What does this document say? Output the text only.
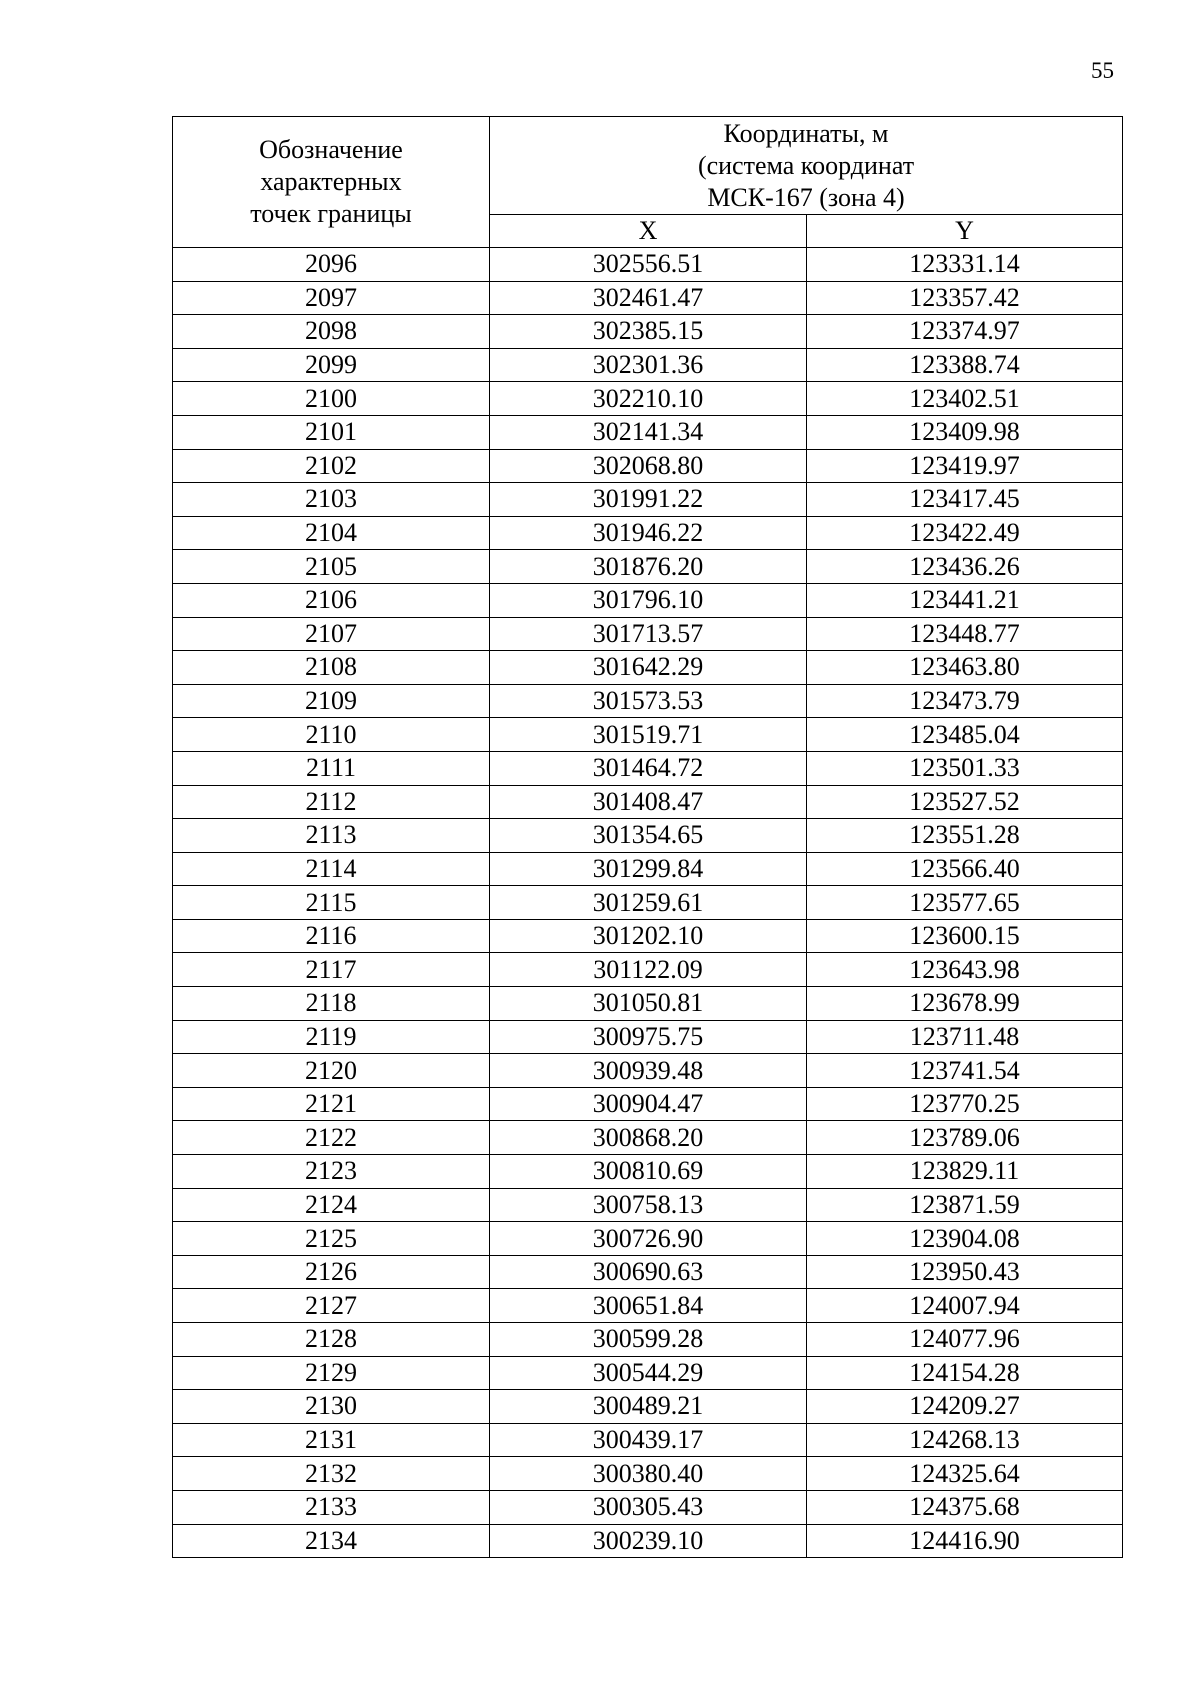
55
Обозначение
характерных
точек границы	Координаты, м
(система координат
МСК-167 (зона 4)	
	X	Y
2096	302556.51	123331.14
2097	302461.47	123357.42
2098	302385.15	123374.97
2099	302301.36	123388.74
2100	302210.10	123402.51
2101	302141.34	123409.98
2102	302068.80	123419.97
2103	301991.22	123417.45
2104	301946.22	123422.49
2105	301876.20	123436.26
2106	301796.10	123441.21
2107	301713.57	123448.77
2108	301642.29	123463.80
2109	301573.53	123473.79
2110	301519.71	123485.04
2111	301464.72	123501.33
2112	301408.47	123527.52
2113	301354.65	123551.28
2114	301299.84	123566.40
2115	301259.61	123577.65
2116	301202.10	123600.15
2117	301122.09	123643.98
2118	301050.81	123678.99
2119	300975.75	123711.48
2120	300939.48	123741.54
2121	300904.47	123770.25
2122	300868.20	123789.06
2123	300810.69	123829.11
2124	300758.13	123871.59
2125	300726.90	123904.08
2126	300690.63	123950.43
2127	300651.84	124007.94
2128	300599.28	124077.96
2129	300544.29	124154.28
2130	300489.21	124209.27
2131	300439.17	124268.13
2132	300380.40	124325.64
2133	300305.43	124375.68
2134	300239.10	124416.90
